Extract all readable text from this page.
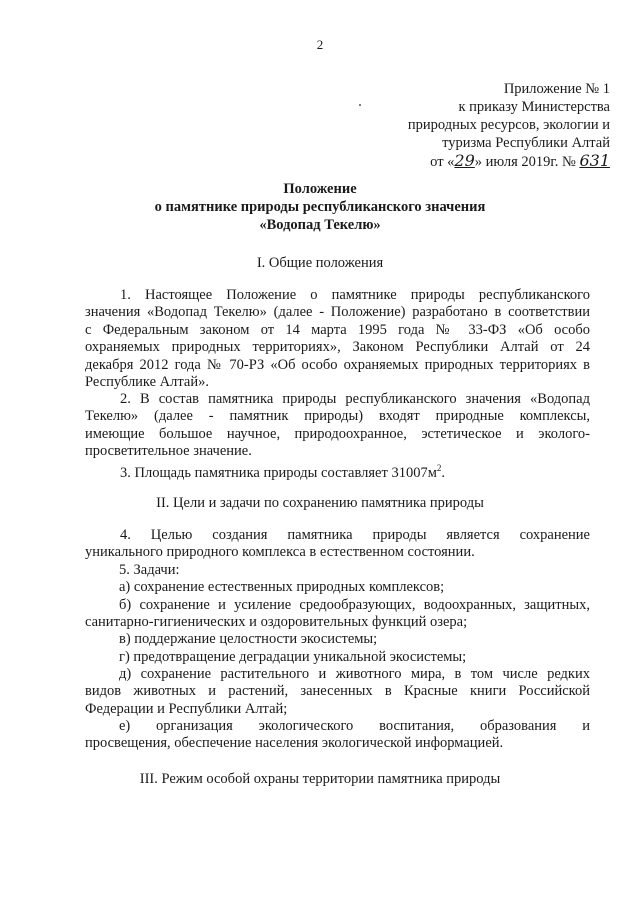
2
Приложение № 1
к приказу Министерства
природных ресурсов, экологии и
туризма Республики Алтай
от «29» июля 2019г. № 631
Положение
о памятнике природы республиканского значения
«Водопад Текелю»
I. Общие положения
1. Настоящее Положение о памятнике природы республиканского
значения «Водопад Текелю» (далее - Положение) разработано в соответствии
с Федеральным законом от 14 марта 1995 года № 33-ФЗ «Об особо
охраняемых природных территориях», Законом Республики Алтай от 24
декабря 2012 года № 70-РЗ «Об особо охраняемых природных территориях в
Республике Алтай».
2. В состав памятника природы республиканского значения «Водопад
Текелю» (далее - памятник природы) входят природные комплексы,
имеющие большое научное, природоохранное, эстетическое и эколого-
просветительное значение.
3. Площадь памятника природы составляет $31007м^2$.
II. Цели и задачи по сохранению памятника природы
4. Целью создания памятника природы является сохранение
уникального природного комплекса в естественном состоянии.
5. Задачи:
а) сохранение естественных природных комплексов;
б) сохранение и усиление средообразующих, водоохранных, защитных,
санитарно-гигиенических и оздоровительных функций озера;
в) поддержание целостности экосистемы;
г) предотвращение деградации уникальной экосистемы;
д) сохранение растительного и животного мира, в том числе редких
видов животных и растений, занесенных в Красные книги Российской
Федерации и Республики Алтай;
е) организация экологического воспитания, образования и
просвещения, обеспечение населения экологической информацией.
III. Режим особой охраны территории памятника природы
